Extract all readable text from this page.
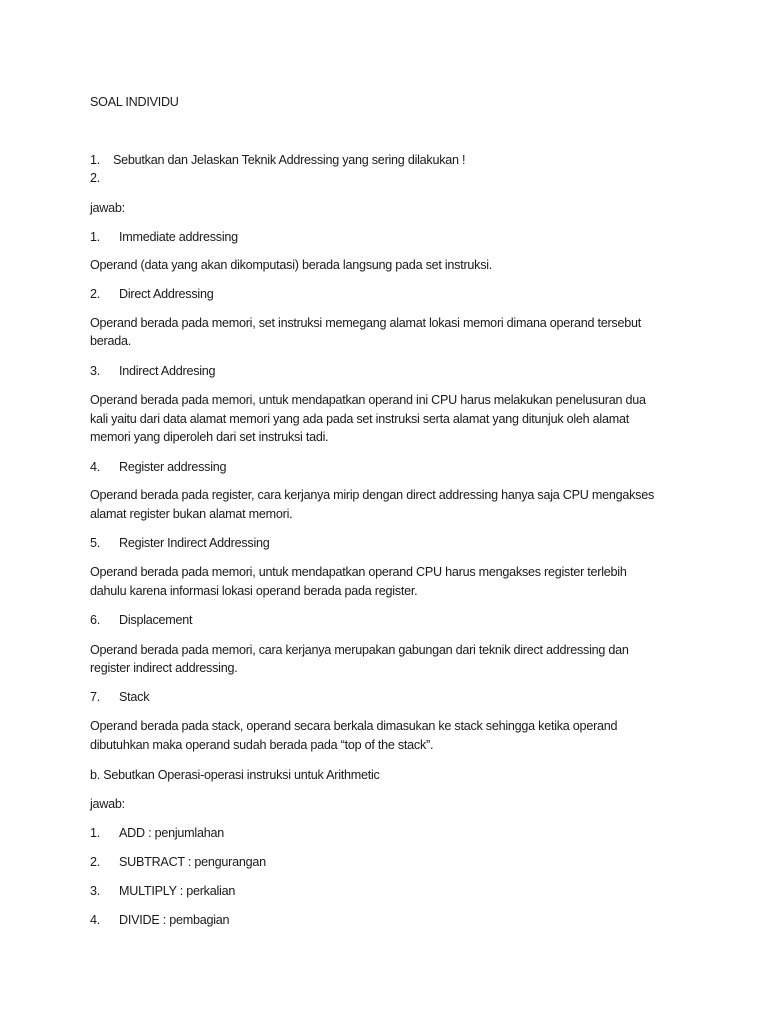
SOAL INDIVIDU
1. Sebutkan dan Jelaskan Teknik Addressing yang sering dilakukan !
2.
jawab:
1. Immediate addressing
Operand (data yang akan dikomputasi) berada langsung pada set instruksi.
2. Direct Addressing
Operand berada pada memori, set instruksi memegang alamat lokasi memori dimana operand tersebut
berada.
3. Indirect Addresing
Operand berada pada memori, untuk mendapatkan operand ini CPU harus melakukan penelusuran dua
kali yaitu dari data alamat memori yang ada pada set instruksi serta alamat yang ditunjuk oleh alamat
memori yang diperoleh dari set instruksi tadi.
4. Register addressing
Operand berada pada register, cara kerjanya mirip dengan direct addressing hanya saja CPU mengakses
alamat register bukan alamat memori.
5. Register Indirect Addressing
Operand berada pada memori, untuk mendapatkan operand CPU harus mengakses register terlebih
dahulu karena informasi lokasi operand berada pada register.
6. Displacement
Operand berada pada memori, cara kerjanya merupakan gabungan dari teknik direct addressing dan
register indirect addressing.
7. Stack
Operand berada pada stack, operand secara berkala dimasukan ke stack sehingga ketika operand
dibutuhkan maka operand sudah berada pada “top of the stack”.
b. Sebutkan Operasi-operasi instruksi untuk Arithmetic
jawab:
1. ADD : penjumlahan
2. SUBTRACT : pengurangan
3. MULTIPLY : perkalian
4. DIVIDE : pembagian
